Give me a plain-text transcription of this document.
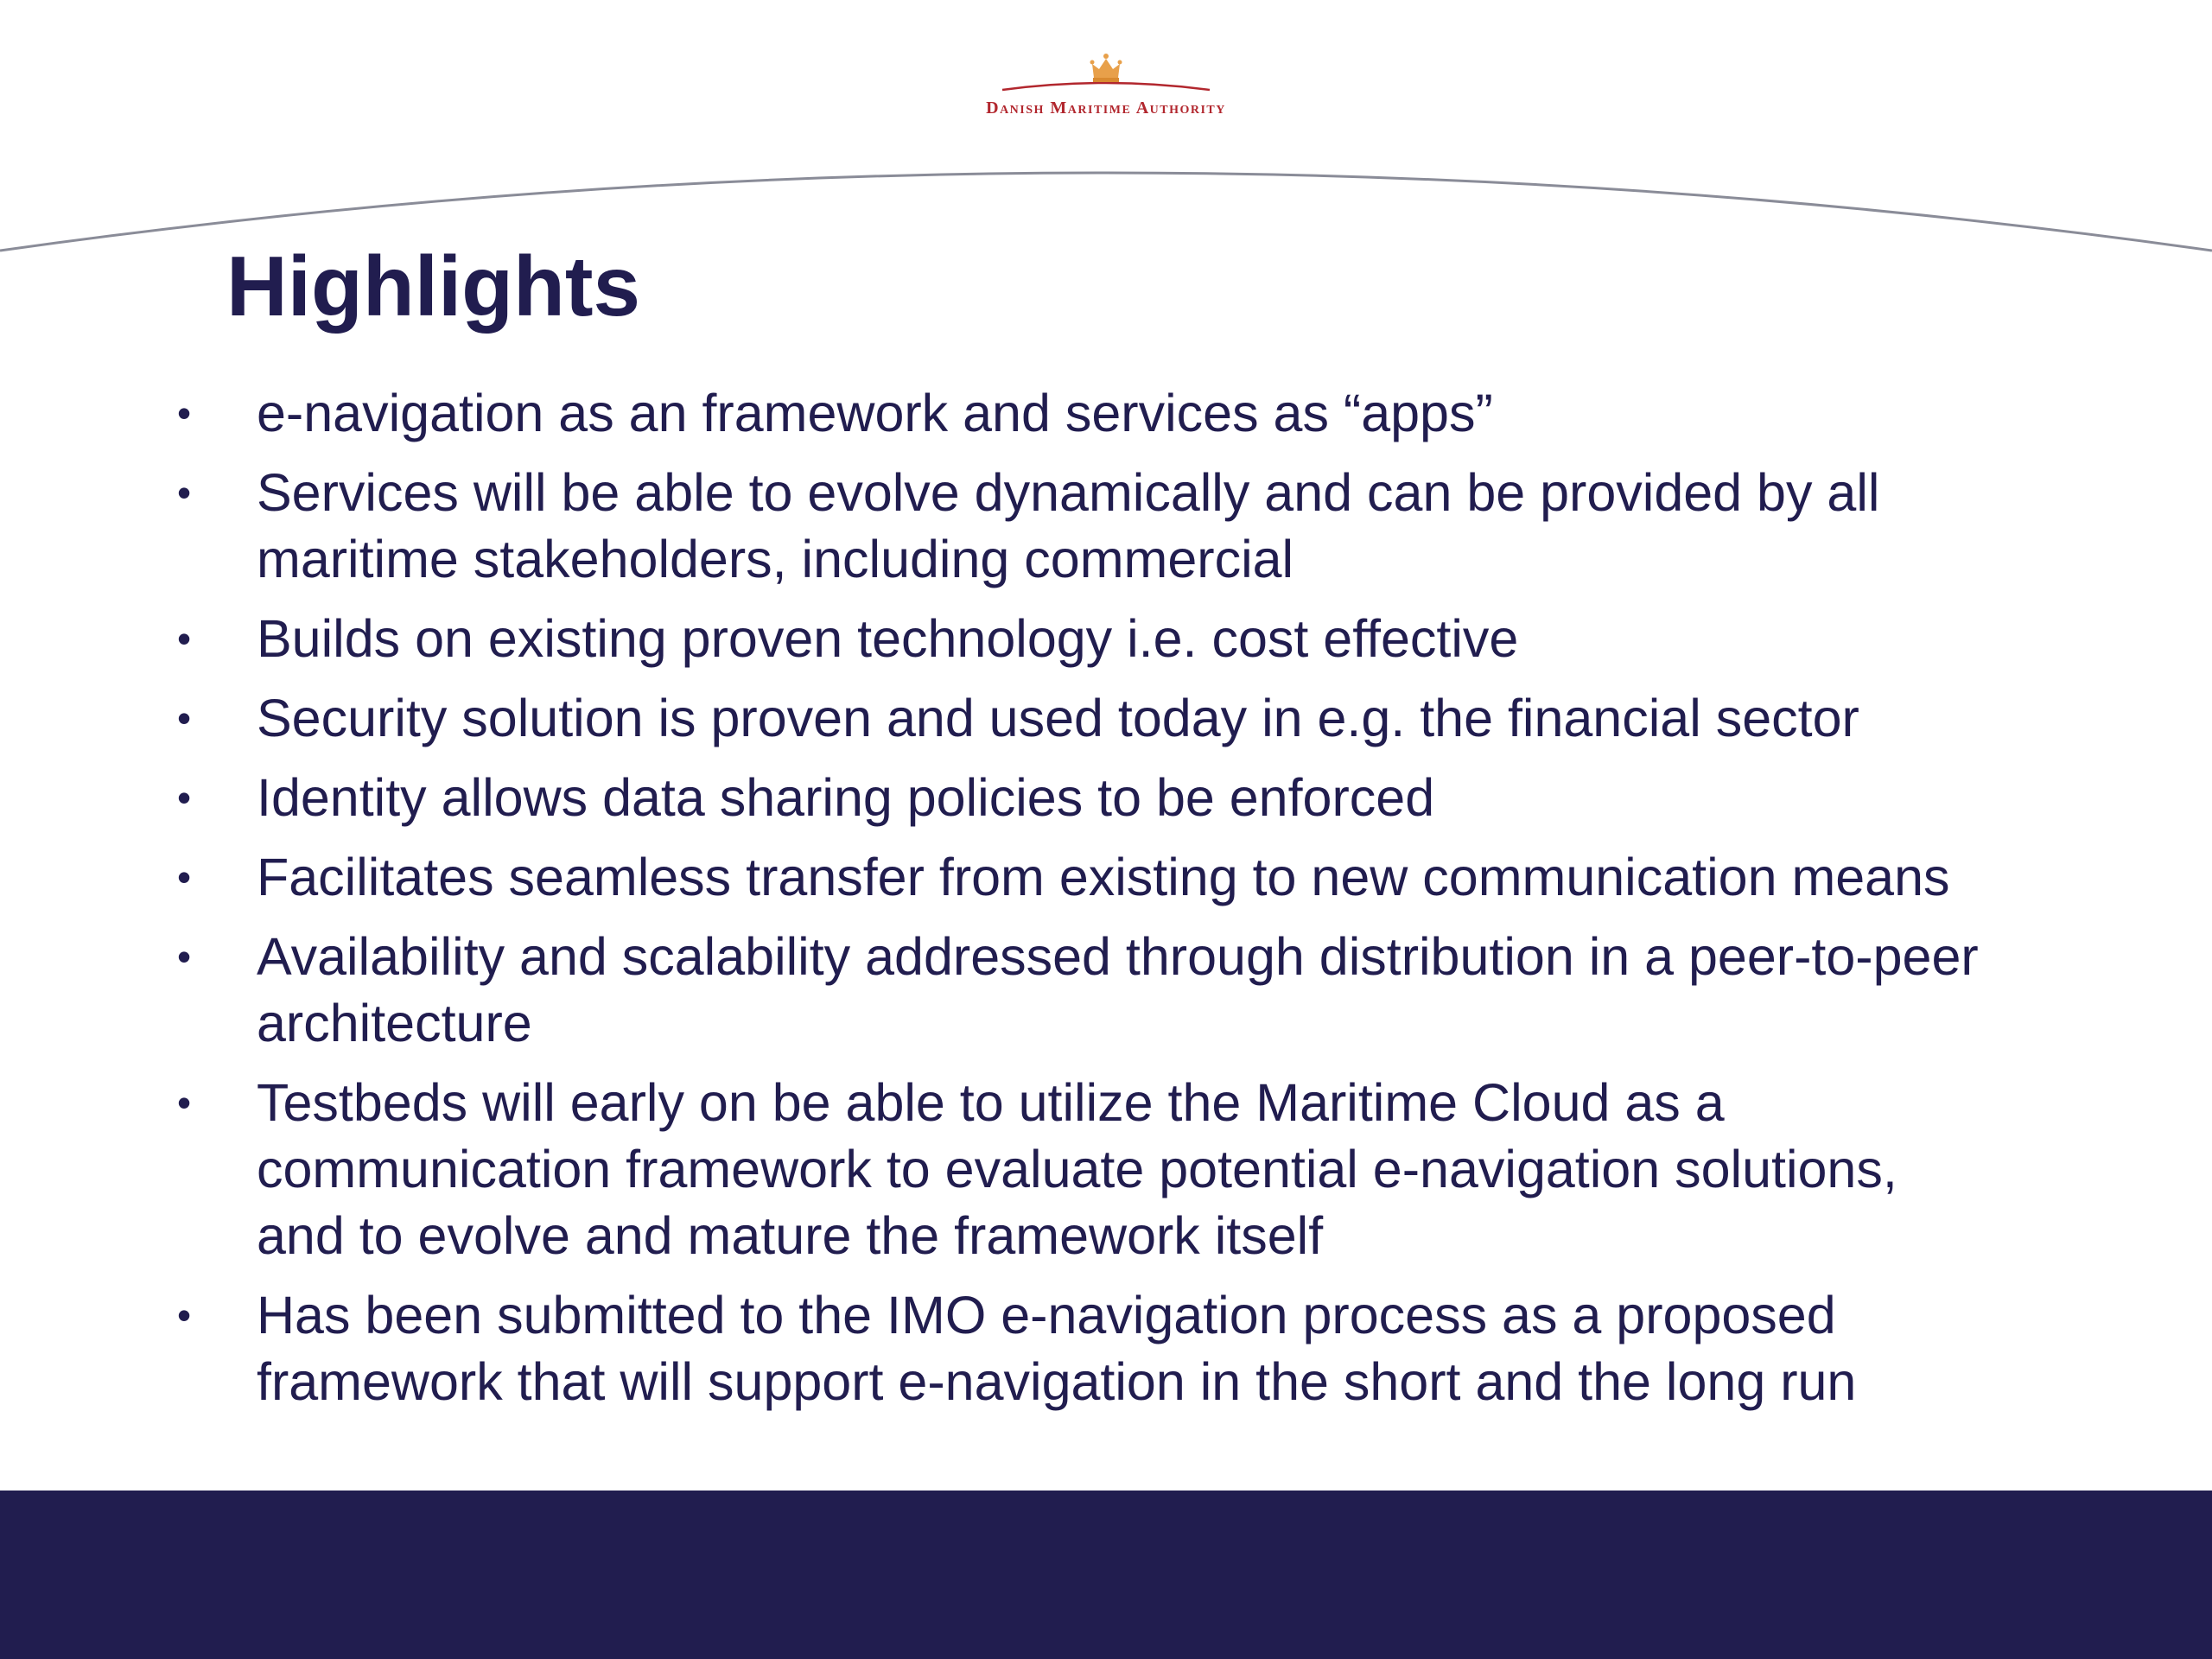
Danish Maritime Authority
Highlights
• e-navigation as an framework and services as “apps”
• Services will be able to evolve dynamically and can be provided by all
maritime stakeholders, including commercial
• Builds on existing proven technology i.e. cost effective
• Security solution is proven and used today in e.g. the financial sector
• Identity allows data sharing policies to be enforced
• Facilitates seamless transfer from existing to new communication means
• Availability and scalability addressed through distribution in a peer-to-peer
architecture
• Testbeds will early on be able to utilize the Maritime Cloud as a
communication framework to evaluate potential e-navigation solutions,
and to evolve and mature the framework itself
• Has been submitted to the IMO e-navigation process as a proposed
framework that will support e-navigation in the short and the long run
